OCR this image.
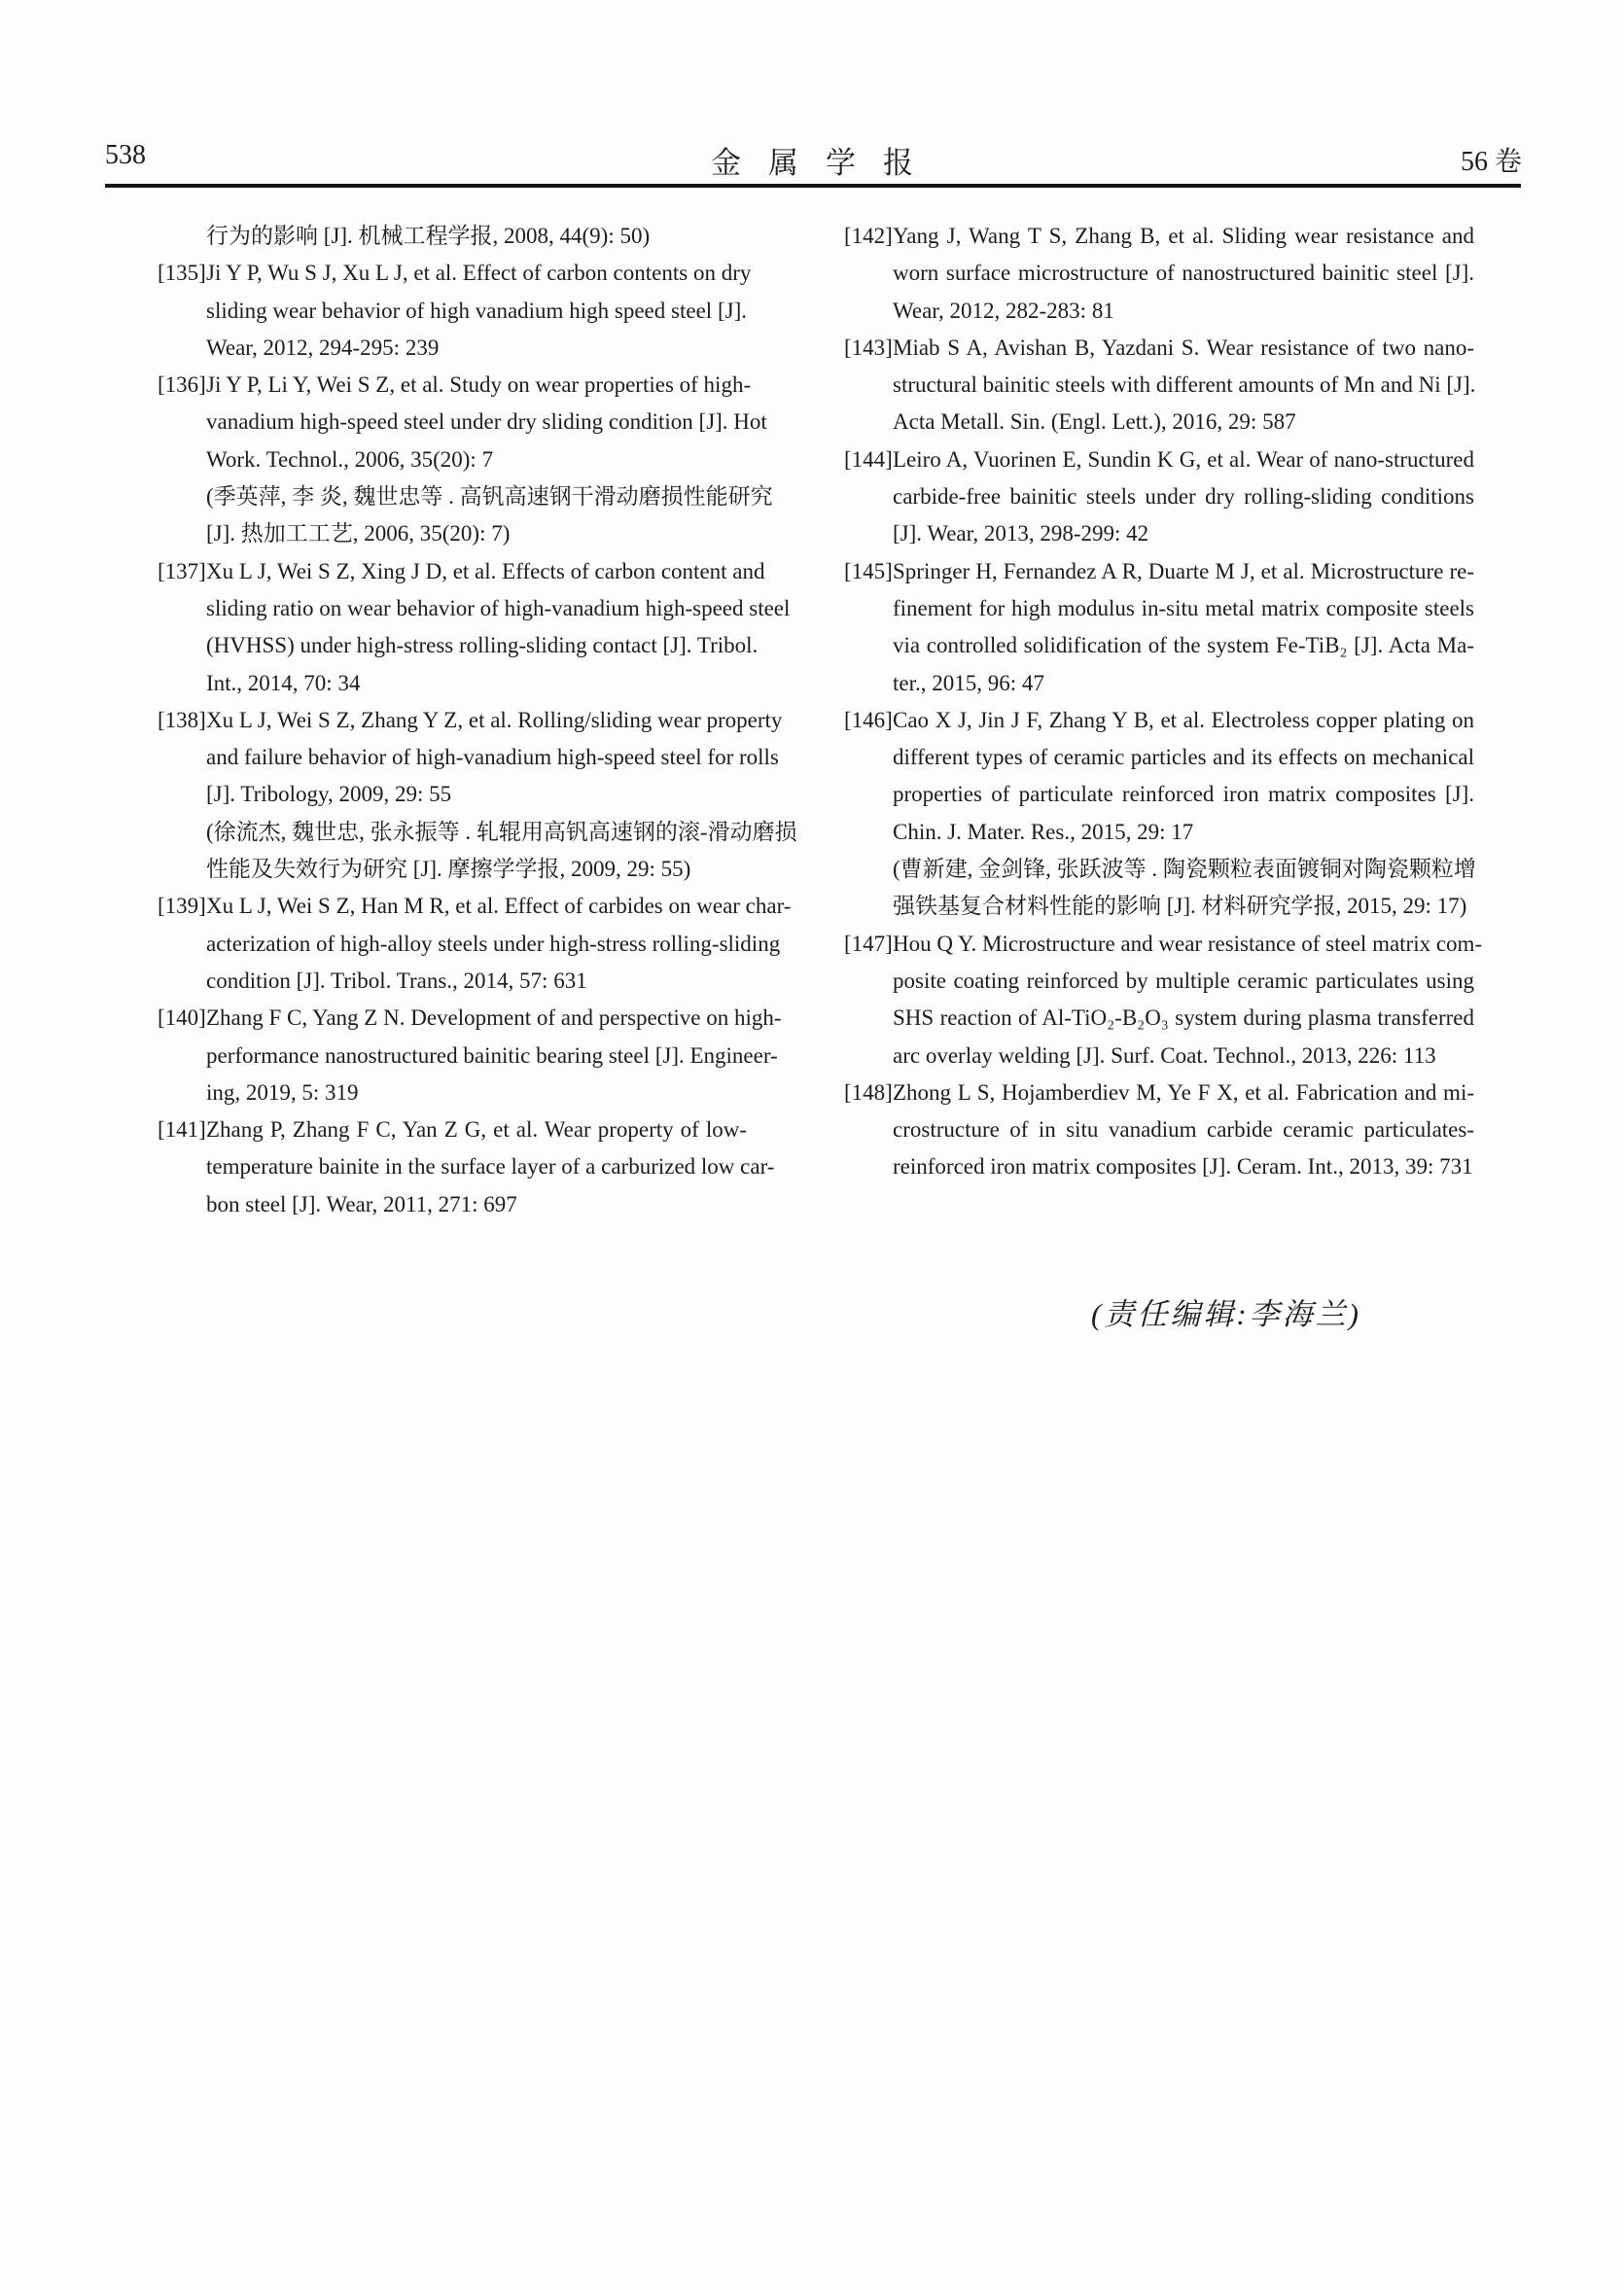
538	金属学报	56 卷
行为的影响 [J]. 机械工程学报, 2008, 44(9): 50)
[135] Ji Y P, Wu S J, Xu L J, et al. Effect of carbon contents on dry
sliding wear behavior of high vanadium high speed steel [J].
Wear, 2012, 294-295: 239
[136] Ji Y P, Li Y, Wei S Z, et al. Study on wear properties of high-
vanadium high-speed steel under dry sliding condition [J]. Hot
Work. Technol., 2006, 35(20): 7
(季英萍, 李 炎, 魏世忠等 . 高钒高速钢干滑动磨损性能研究
[J]. 热加工工艺, 2006, 35(20): 7)
[137] Xu L J, Wei S Z, Xing J D, et al. Effects of carbon content and
sliding ratio on wear behavior of high-vanadium high-speed steel
(HVHSS) under high-stress rolling-sliding contact [J]. Tribol.
Int., 2014, 70: 34
[138] Xu L J, Wei S Z, Zhang Y Z, et al. Rolling/sliding wear property
and failure behavior of high-vanadium high-speed steel for rolls
[J]. Tribology, 2009, 29: 55
(徐流杰, 魏世忠, 张永振等 . 轧辊用高钒高速钢的滚-滑动磨损
性能及失效行为研究 [J]. 摩擦学学报, 2009, 29: 55)
[139] Xu L J, Wei S Z, Han M R, et al. Effect of carbides on wear char-
acterization of high-alloy steels under high-stress rolling-sliding
condition [J]. Tribol. Trans., 2014, 57: 631
[140] Zhang F C, Yang Z N. Development of and perspective on high-
performance nanostructured bainitic bearing steel [J]. Engineer-
ing, 2019, 5: 319
[141] Zhang P, Zhang F C, Yan Z G, et al. Wear property of low-
temperature bainite in the surface layer of a carburized low car-
bon steel [J]. Wear, 2011, 271: 697
[142] Yang J, Wang T S, Zhang B, et al. Sliding wear resistance and
worn surface microstructure of nanostructured bainitic steel [J].
Wear, 2012, 282-283: 81
[143] Miab S A, Avishan B, Yazdani S. Wear resistance of two nano-
structural bainitic steels with different amounts of Mn and Ni [J].
Acta Metall. Sin. (Engl. Lett.), 2016, 29: 587
[144] Leiro A, Vuorinen E, Sundin K G, et al. Wear of nano-structured
carbide-free bainitic steels under dry rolling-sliding conditions
[J]. Wear, 2013, 298-299: 42
[145] Springer H, Fernandez A R, Duarte M J, et al. Microstructure re-
finement for high modulus in-situ metal matrix composite steels
via controlled solidification of the system Fe-TiB₂ [J]. Acta Ma-
ter., 2015, 96: 47
[146] Cao X J, Jin J F, Zhang Y B, et al. Electroless copper plating on
different types of ceramic particles and its effects on mechanical
properties of particulate reinforced iron matrix composites [J].
Chin. J. Mater. Res., 2015, 29: 17
(曹新建, 金剑锋, 张跃波等 . 陶瓷颗粒表面镀铜对陶瓷颗粒增
强铁基复合材料性能的影响 [J]. 材料研究学报, 2015, 29: 17)
[147] Hou Q Y. Microstructure and wear resistance of steel matrix com-
posite coating reinforced by multiple ceramic particulates using
SHS reaction of Al-TiO₂-B₂O₃ system during plasma transferred
arc overlay welding [J]. Surf. Coat. Technol., 2013, 226: 113
[148] Zhong L S, Hojamberdiev M, Ye F X, et al. Fabrication and mi-
crostructure of in situ vanadium carbide ceramic particulates-
reinforced iron matrix composites [J]. Ceram. Int., 2013, 39: 731
(责任编辑:李海兰)
